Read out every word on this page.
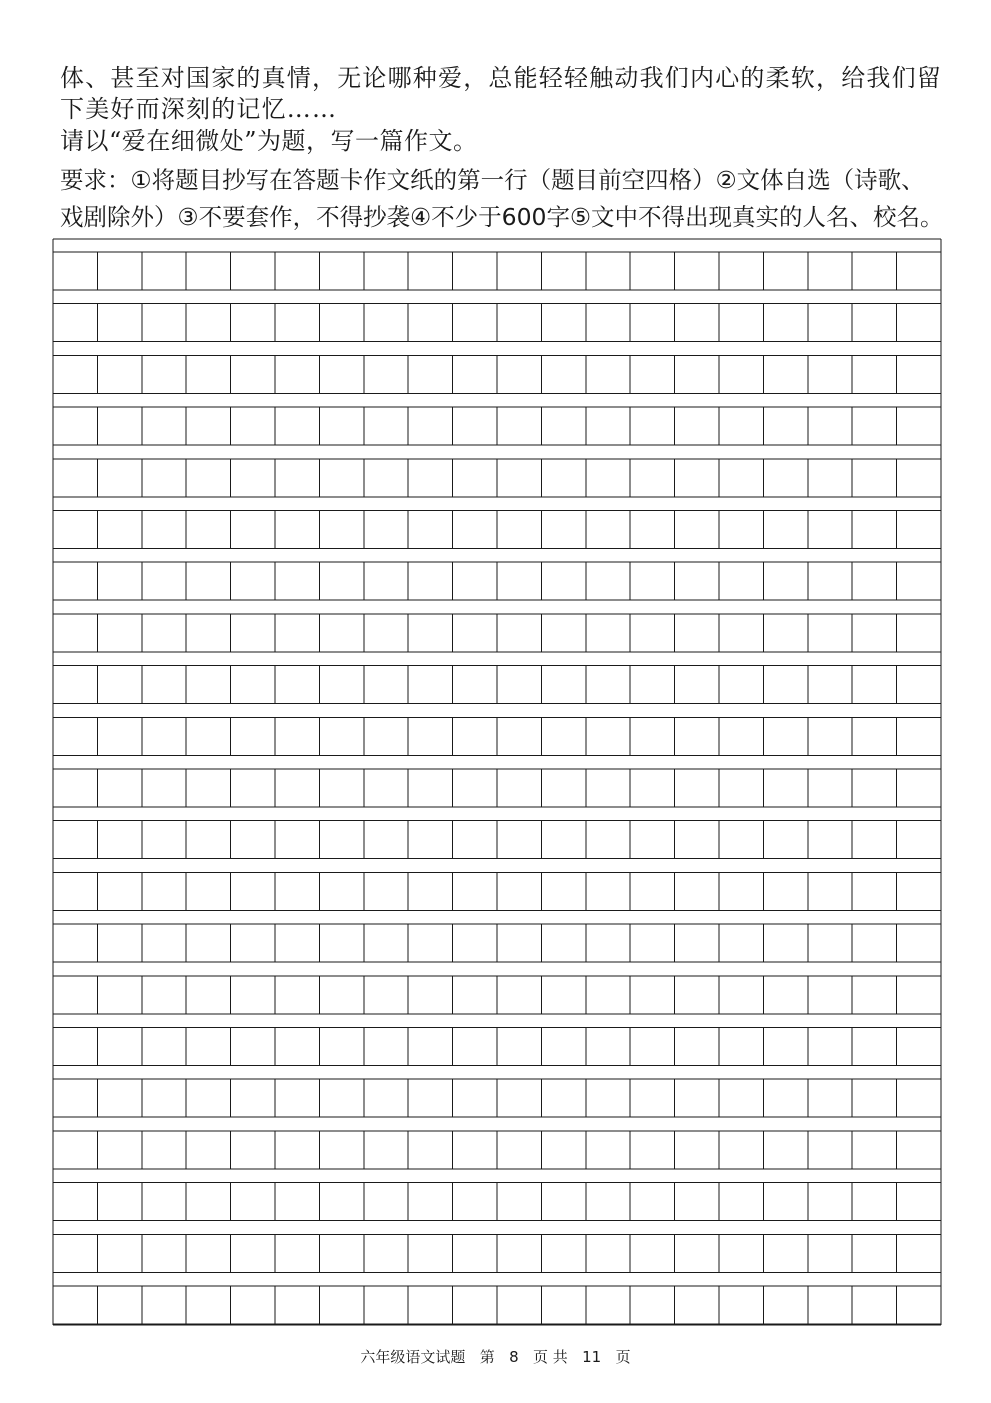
体、甚至对国家的真情，无论哪种爱，总能轻轻触动我们内心的柔软，给我们留
下美好而深刻的记忆……
请以“爱在细微处”为题，写一篇作文。
要求：①将题目抄写在答题卡作文纸的第一行（题目前空四格）②文体自选（诗歌、
戏剧除外）③不要套作，不得抄袭④不少于600字⑤文中不得出现真实的人名、校名。
六年级语文试题 第 8 页 共 11 页
